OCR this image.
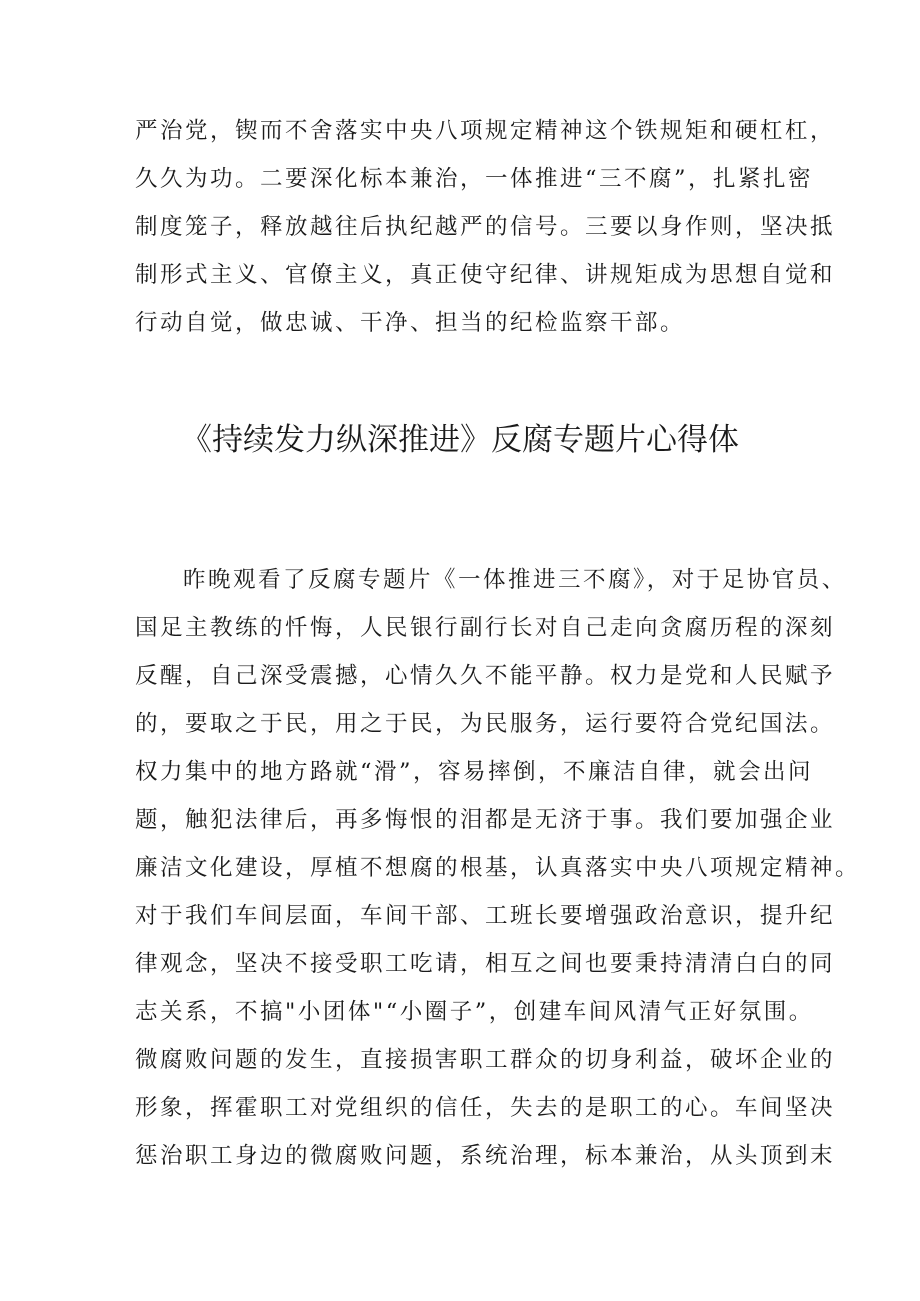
严治党，锲而不舍落实中央八项规定精神这个铁规矩和硬杠杠，
久久为功。二要深化标本兼治，一体推进“三不腐”，扎紧扎密
制度笼子，释放越往后执纪越严的信号。三要以身作则，坚决抵
制形式主义、官僚主义，真正使守纪律、讲规矩成为思想自觉和
行动自觉，做忠诚、干净、担当的纪检监察干部。
《持续发力纵深推进》反腐专题片心得体
昨晚观看了反腐专题片《一体推进三不腐》，对于足协官员、
国足主教练的忏悔，人民银行副行长对自己走向贪腐历程的深刻
反醒，自己深受震撼，心情久久不能平静。权力是党和人民赋予
的，要取之于民，用之于民，为民服务，运行要符合党纪国法。
权力集中的地方路就“滑”，容易摔倒，不廉洁自律，就会出问
题，触犯法律后，再多悔恨的泪都是无济于事。我们要加强企业
廉洁文化建设，厚植不想腐的根基，认真落实中央八项规定精神。
对于我们车间层面，车间干部、工班长要增强政治意识，提升纪
律观念，坚决不接受职工吃请，相互之间也要秉持清清白白的同
志关系，不搞"小团体"“小圈子”，创建车间风清气正好氛围。
微腐败问题的发生，直接损害职工群众的切身利益，破坏企业的
形象，挥霍职工对党组织的信任，失去的是职工的心。车间坚决
惩治职工身边的微腐败问题，系统治理，标本兼治，从头顶到末
